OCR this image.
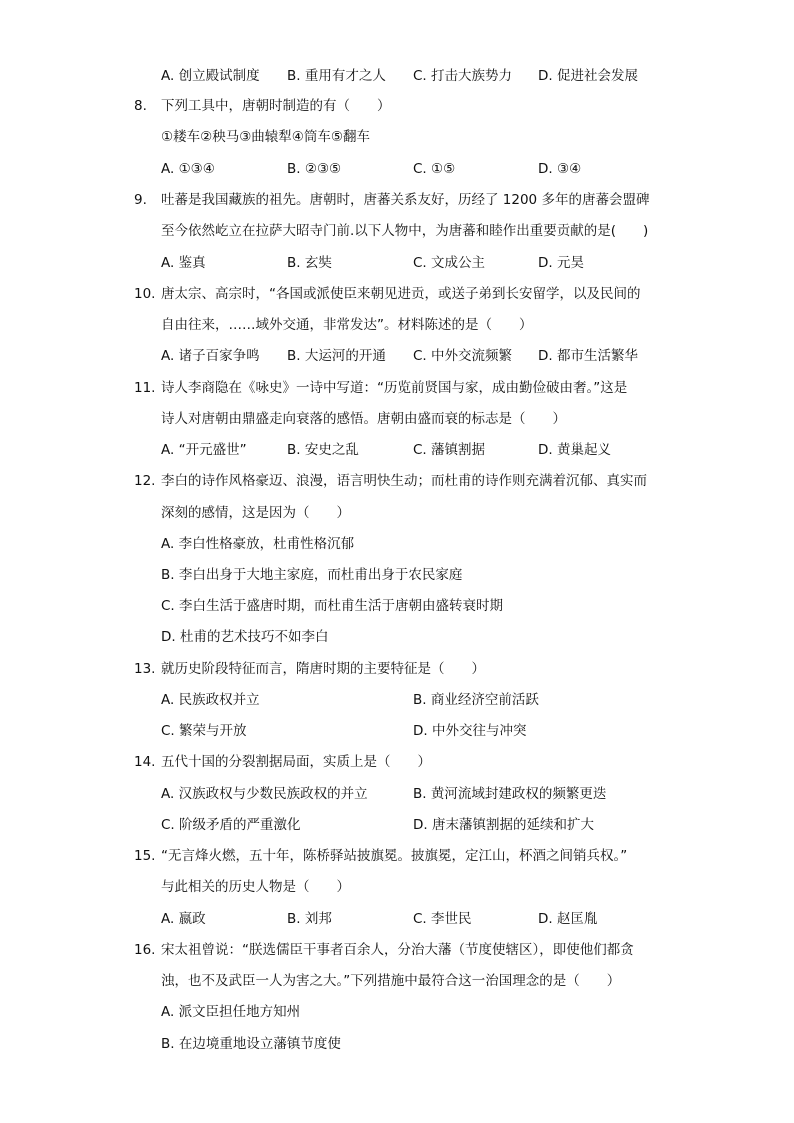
A. 创立殿试制度 B. 重用有才之人 C. 打击大族势力 D. 促进社会发展
8. 下列工具中，唐朝时制造的有（　　）
①耧车②秧马③曲辕犁④筒车⑤翻车
A. ①③④	B. ②③⑤	C. ①⑤	D. ③④
9. 吐蕃是我国藏族的祖先。唐朝时，唐蕃关系友好，历经了 1200 多年的唐蕃会盟碑
至今依然屹立在拉萨大昭寺门前.以下人物中，为唐蕃和睦作出重要贡献的是(　　)
A. 鉴真	B. 玄奘	C. 文成公主	D. 元昊
10. 唐太宗、高宗时，“各国或派使臣来朝见进贡，或送子弟到长安留学，以及民间的
自由往来，……域外交通，非常发达”。材料陈述的是（　　）
A. 诸子百家争鸣 B. 大运河的开通 C. 中外交流频繁 D. 都市生活繁华
11. 诗人李商隐在《咏史》一诗中写道：“历览前贤国与家，成由勤俭破由奢。”这是
诗人对唐朝由鼎盛走向衰落的感悟。唐朝由盛而衰的标志是（　　）
A. “开元盛世”	B. 安史之乱	C. 藩镇割据	D. 黄巢起义
12. 李白的诗作风格豪迈、浪漫，语言明快生动；而杜甫的诗作则充满着沉郁、真实而
深刻的感情，这是因为（　　）
A. 李白性格豪放，杜甫性格沉郁
B. 李白出身于大地主家庭，而杜甫出身于农民家庭
C. 李白生活于盛唐时期，而杜甫生活于唐朝由盛转衰时期
D. 杜甫的艺术技巧不如李白
13. 就历史阶段特征而言，隋唐时期的主要特征是（　　）
A. 民族政权并立	B. 商业经济空前活跃
C. 繁荣与开放	D. 中外交往与冲突
14. 五代十国的分裂割据局面，实质上是（　　）
A. 汉族政权与少数民族政权的并立	B. 黄河流域封建政权的频繁更迭
C. 阶级矛盾的严重激化	D. 唐末藩镇割据的延续和扩大
15. “无言烽火燃，五十年，陈桥驿站披旗冕。披旗冕，定江山，杯酒之间销兵权。”
与此相关的历史人物是（　　）
A. 嬴政	B. 刘邦	C. 李世民	D. 赵匡胤
16. 宋太祖曾说：“朕选儒臣干事者百余人，分治大藩（节度使辖区），即使他们都贪
浊，也不及武臣一人为害之大。”下列措施中最符合这一治国理念的是（　　）
A. 派文臣担任地方知州
B. 在边境重地设立藩镇节度使
